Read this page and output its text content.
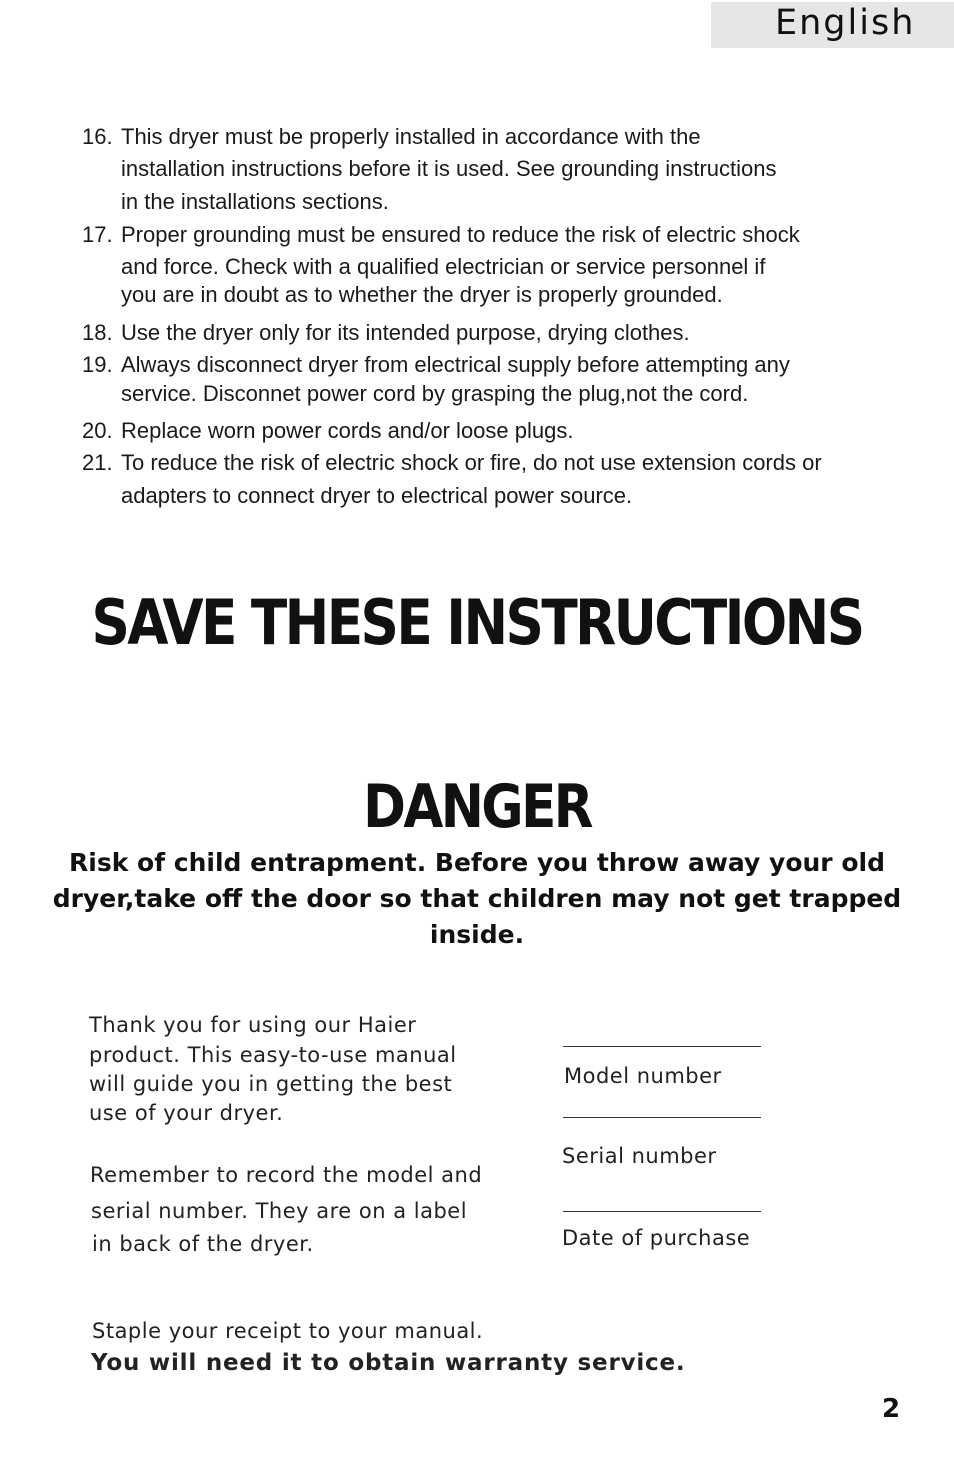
English
16. This dryer must be properly installed in accordance with the
installation instructions before it is used. See grounding instructions
in the installations sections.
17. Proper grounding must be ensured to reduce the risk of electric shock
and force. Check with a qualified electrician or service personnel if
you are in doubt as to whether the dryer is properly grounded.
18. Use the dryer only for its intended purpose, drying clothes.
19. Always disconnect dryer from electrical supply before attempting any
service. Disconnet power cord by grasping the plug,not the cord.
20. Replace worn power cords and/or loose plugs.
21. To reduce the risk of electric shock or fire, do not use extension cords or
adapters to connect dryer to electrical power source.
SAVE THESE INSTRUCTIONS
DANGER
Risk of child entrapment. Before you throw away your old
dryer,take off the door so that children may not get trapped
inside.
Thank you for using our Haier
product. This easy-to-use manual
will guide you in getting the best
use of your dryer.
Remember to record the model and
serial number. They are on a label
in back of the dryer.
Model number
Serial number
Date of purchase
Staple your receipt to your manual.
You will need it to obtain warranty service.
2
